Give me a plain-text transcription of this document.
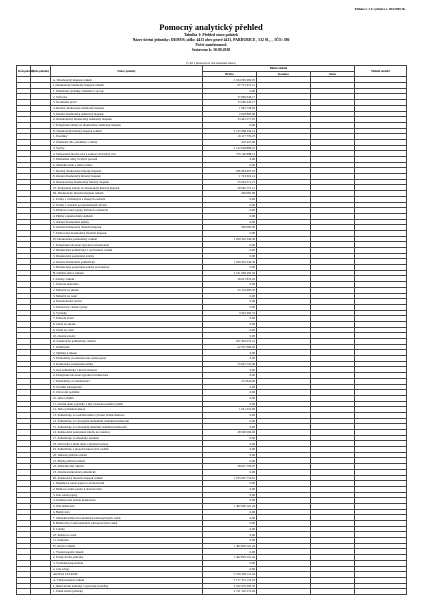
Příloha č. 3 k vyhlášce č. 383/2009 Sb.
Pomocný analytický přehled
Tabulka 1: Přehled stavu položek
Název účetní jednotky: DEMOS, sídlo: 4413 obec pravě 4413, PARDUBICE , 532 01, , , IČO: 586
Počet zaměstnanců
Sestaveno k: 30.09.2010
(v Kč s přesností na dvě desetinná místa)
Kód položky	Číslo položky	Název položky	Běžné období			Minulé období
			Brutto	Korekce	Netto	
		A. Dlouhodobý majetek celkem	5 184 965 482,95			
		I. Dlouhodobý nehmotný majetek celkem	87 751 615,51			
		1. Nehmotné výsledky výzkumu a vývoje	0,00			
		2. Software	37 066 046,17			
		3. Ocenitelná práva	13 266 243,77			
		4. Drobný dlouhodobý nehmotný majetek	1 842 758,65			
		5. Ostatní dlouhodobý nehmotný majetek	2 028 890,00			
		6. Nedokončený dlouhodobý nehmotný majetek	33 461 577,65			
		7. Poskytnuté zálohy na dlouhodobý nehmotný majetek	0,00			
		II. Dlouhodobý hmotný majetek celkem	3 137 668 436,14			
		1. Pozemky	16 117 770,25			
		2. Umělecká díla, předměty a sbírky	416 447,00			
		3. Stavby	2 122 604 886,07			
		4. Samostatné movité věci a soubory movitých věcí	735 160 888,14			
		5. Pěstitelské celky trvalých porostů	0,00			
		6. Základní stádo a tažná zvířata	0,00			
		7. Drobný dlouhodobý hmotný majetek	186 394 007,18			
		8. Ostatní dlouhodobý hmotný majetek	1 743 091,14			
		9. Nedokončený dlouhodobý hmotný majetek	55 204 571,21			
		10. Poskytnuté zálohy na dlouhodobý hmotný majetek	20 026 775,15			
		III. Dlouhodobý finanční majetek celkem	200 085,00			
		1. Podíly v ovládaných a řízených osobách	0,00			
		2. Podíly v osobách pod podstatným vlivem	0,00			
		3. Dluhové cenné papíry držené do splatnosti	0,00			
		4. Půjčky organizačním složkám	0,00			
		5. Ostatní dlouhodobé půjčky	0,00			
		6. Ostatní dlouhodobý finanční majetek	200 085,00			
		7. Pořizovaný dlouhodobý finanční majetek	0,00			
		IV. Dlouhodobé pohledávky celkem	1 959 345 346,30			
		1. Poskytnuté návratné výpomoci dlouhodobé	0,00			
		2. Dlouhodobé pohledávky z obchodních vztahů	0,00			
		3. Dlouhodobé poskytnuté zálohy	0,00			
		4. Ostatní dlouhodobé pohledávky	1 959 345 346,30			
		5. Dlouhodobé poskytnuté zálohy na transfery	0,00			
		B. Oběžná aktiva celkem	2 191 684 203,36			
		I. Zásoby celkem	28 621 876,24			
		1. Pořízení materiálu	0,00			
		2. Materiál na skladě	25 119 483,50			
		3. Materiál na cestě	0,00			
		4. Nedokončená výroba	0,00			
		5. Polotovary vlastní výroby	0,00			
		6. Výrobky	3 502 392,74			
		7. Pořízení zboží	0,00			
		8. Zboží na skladě	0,00			
		9. Zboží na cestě	0,00			
		10. Ostatní zásoby	0,00			
		II. Krátkodobé pohledávky celkem	187 394 572,31			
		1. Odběratelé	42 567 009,65			
		2. Směnky k inkasu	0,00			
		3. Pohledávky za eskontované cenné papíry	0,00			
		4. Krátkodobé poskytnuté zálohy	35 822 745,69			
		5. Jiné pohledávky z hlavní činnosti	0,00			
		6. Poskytnuté návratné výpomoci krátkodobé	0,00			
		7. Pohledávky za zaměstnanci	215 844,00			
		8. Sociální zabezpečení	0,00			
		9. Zdravotní pojištění	0,00			
		10. Daň z příjmů	0,00			
		11. Ostatní daně, poplatky a jiná obdobná peněžitá plnění	0,00			
		12. Daň z přidané hodnoty	1 651 232,00			
		13. Pohledávky za osobami mimo vybrané vládní instituce	0,00			
		14. Pohledávky za vybranými ústředními vládními institucemi	0,00			
		15. Pohledávky za vybranými místními vládními institucemi	0,00			
		16. Krátkodobé poskytnuté zálohy na transfery	48 500 000,00			
		17. Pohledávky za účastníky sdružení	0,00			
		18. Zúčtování z titulu daně z přidané hodnoty	0,00			
		19. Pohledávky z přepočtu kurzových rozdílů	0,00			
		20. Náklady příštích období	0,00			
		21. Příjmy příštích období	0,00			
		22. Dohadné účty aktivní	58 637 750,97			
		23. Ostatní krátkodobé pohledávky	0,00			
		III. Krátkodobý finanční majetek celkem	1 975 667 754,81			
		1. Majetkové cenné papíry k obchodování	0,00			
		2. Dluhové cenné papíry k obchodování	0,00			
		3. Jiné cenné papíry	0,00			
		4. Termínované vklady krátkodobé	0,00			
		5. Jiné běžné účty	1 462 892 101,44			
		6. Běžný účet	0,00			
		7. Základní běžný účet územních samosprávných celků	0,00			
		8. Běžné účty fondů územních samosprávných celků	0,00			
		9. Ceniny	0,00			
		10. Peníze na cestě	0,00			
		11. Pokladna	0,00			
		IV. Aktiva celkem	1 462 893 101,44			
		1. Vlastní kapitál celkem	0,00			
		2. Fondy účetní jednotky	1 462 893 101,44			
		3. Výsledek hospodaření	0,00			
		4. Cizí zdroje	0,00			
		AKTIVA CELKEM	5 376 348 141,44			
		A. Vlastní kapitál celkem	5 177 351 131,63			
		I. Jmění účetní jednotky a upravující položky	2 932 455 265,33			
		1. Jmění účetní jednotky	2 721 345 272,04			
